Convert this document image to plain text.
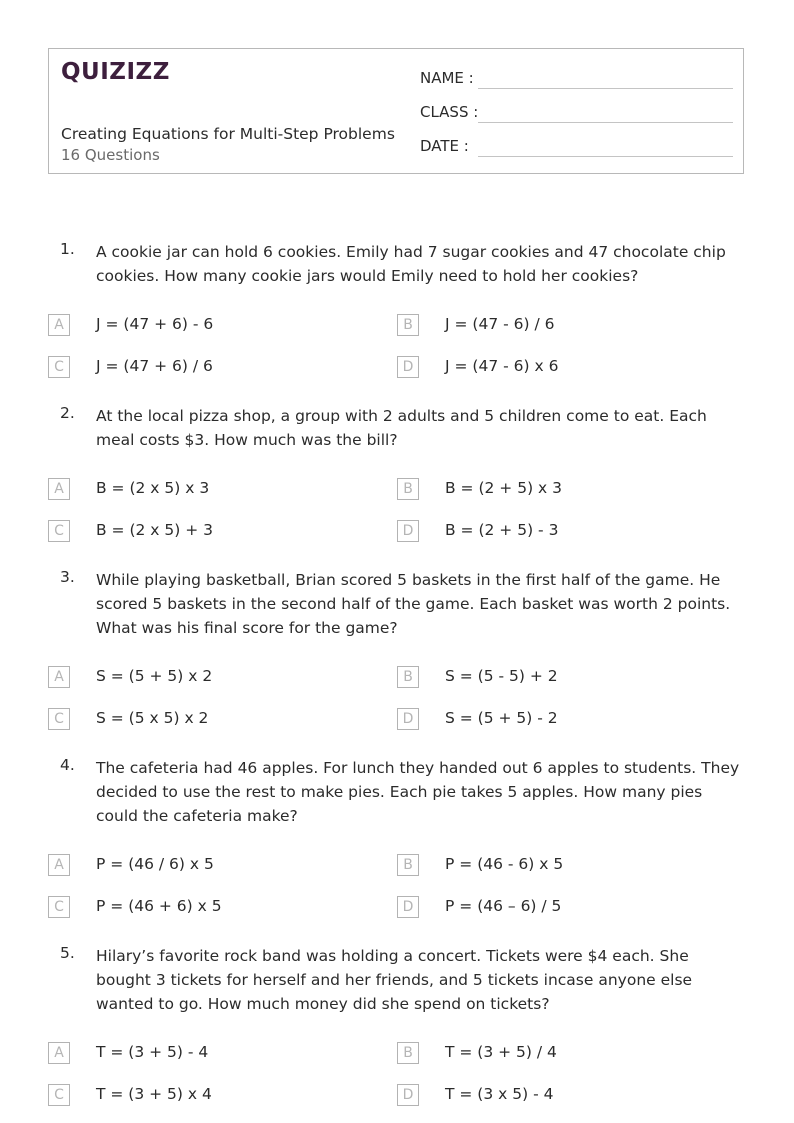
QUIZIZZ
Creating Equations for Multi-Step Problems
16 Questions
NAME :
CLASS :
DATE :
1. A cookie jar can hold 6 cookies. Emily had 7 sugar cookies and 47 chocolate chip cookies. How many cookie jars would Emily need to hold her cookies?
A	J = (47 + 6) - 6	B	J = (47 - 6) / 6
C	J = (47 + 6) / 6	D	J = (47 - 6) x 6
2. At the local pizza shop, a group with 2 adults and 5 children come to eat. Each meal costs $3. How much was the bill?
A	B = (2 x 5) x 3	B	B = (2 + 5) x 3
C	B = (2 x 5) + 3	D	B = (2 + 5) - 3
3. While playing basketball, Brian scored 5 baskets in the first half of the game. He scored 5 baskets in the second half of the game. Each basket was worth 2 points. What was his final score for the game?
A	S = (5 + 5) x 2	B	S = (5 - 5) + 2
C	S = (5 x 5) x 2	D	S = (5 + 5) - 2
4. The cafeteria had 46 apples. For lunch they handed out 6 apples to students. They decided to use the rest to make pies. Each pie takes 5 apples. How many pies could the cafeteria make?
A	P = (46 / 6) x 5	B	P = (46 - 6) x 5
C	P = (46 + 6) x 5	D	P = (46 – 6) / 5
5. Hilary’s favorite rock band was holding a concert. Tickets were $4 each. She bought 3 tickets for herself and her friends, and 5 tickets incase anyone else wanted to go. How much money did she spend on tickets?
A	T = (3 + 5) - 4	B	T = (3 + 5) / 4
C	T = (3 + 5) x 4	D	T = (3 x 5) - 4
